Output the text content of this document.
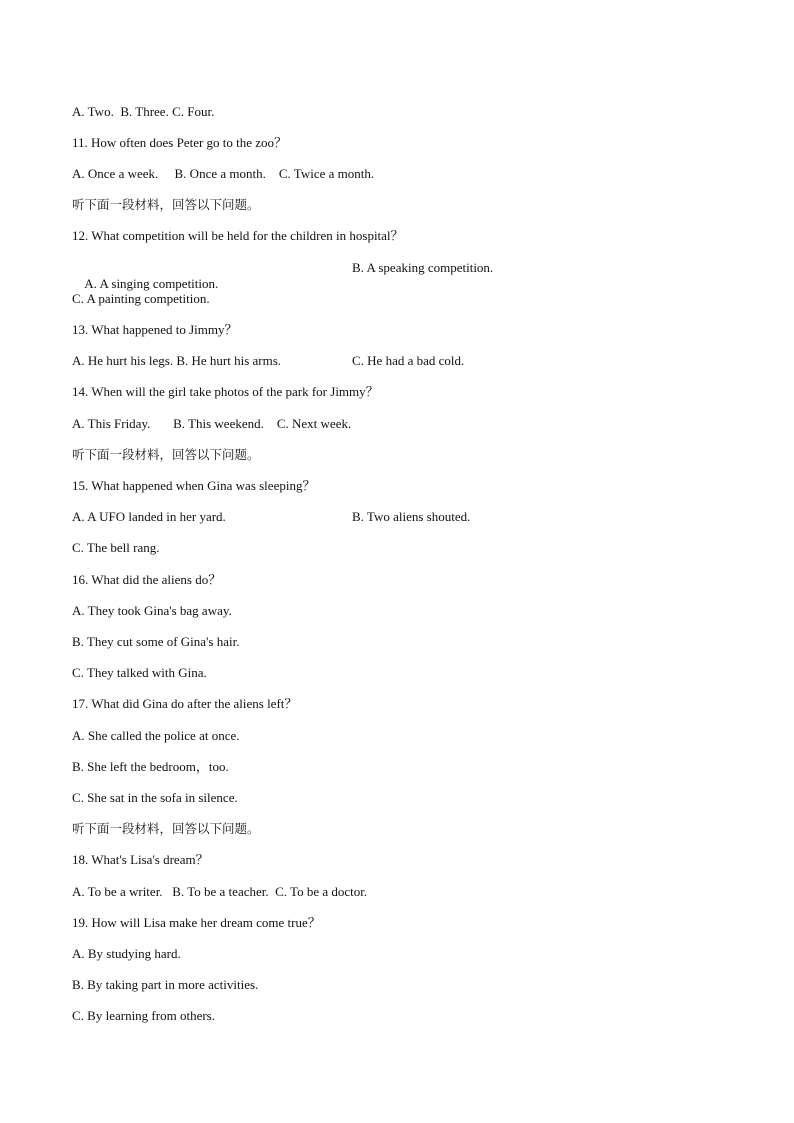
A. Two.  B. Three. C. Four.
11. How often does Peter go to the zoo？
A. Once a week.     B. Once a month.    C. Twice a month.
听下面一段材料，回答以下问题。
12. What competition will be held for the children in hospital？

A. A singing competition.

B. A speaking competition.
C. A painting competition.
13. What happened to Jimmy？
A. He hurt his legs. B. He hurt his arms.	C. He had a bad cold.
14. When will the girl take photos of the park for Jimmy？
A. This Friday.       B. This weekend.    C. Next week.
听下面一段材料，回答以下问题。
15. What happened when Gina was sleeping？
A. A UFO landed in her yard.	B. Two aliens shouted.
C. The bell rang.
16. What did the aliens do？
A. They took Gina's bag away.
B. They cut some of Gina's hair.
C. They talked with Gina.
17. What did Gina do after the aliens left？
A. She called the police at once.
B. She left the bedroom，too.
C. She sat in the sofa in silence.
听下面一段材料，回答以下问题。
18. What's Lisa's dream？
A. To be a writer.   B. To be a teacher.  C. To be a doctor.
19. How will Lisa make her dream come true？
A. By studying hard.
B. By taking part in more activities.
C. By learning from others.
